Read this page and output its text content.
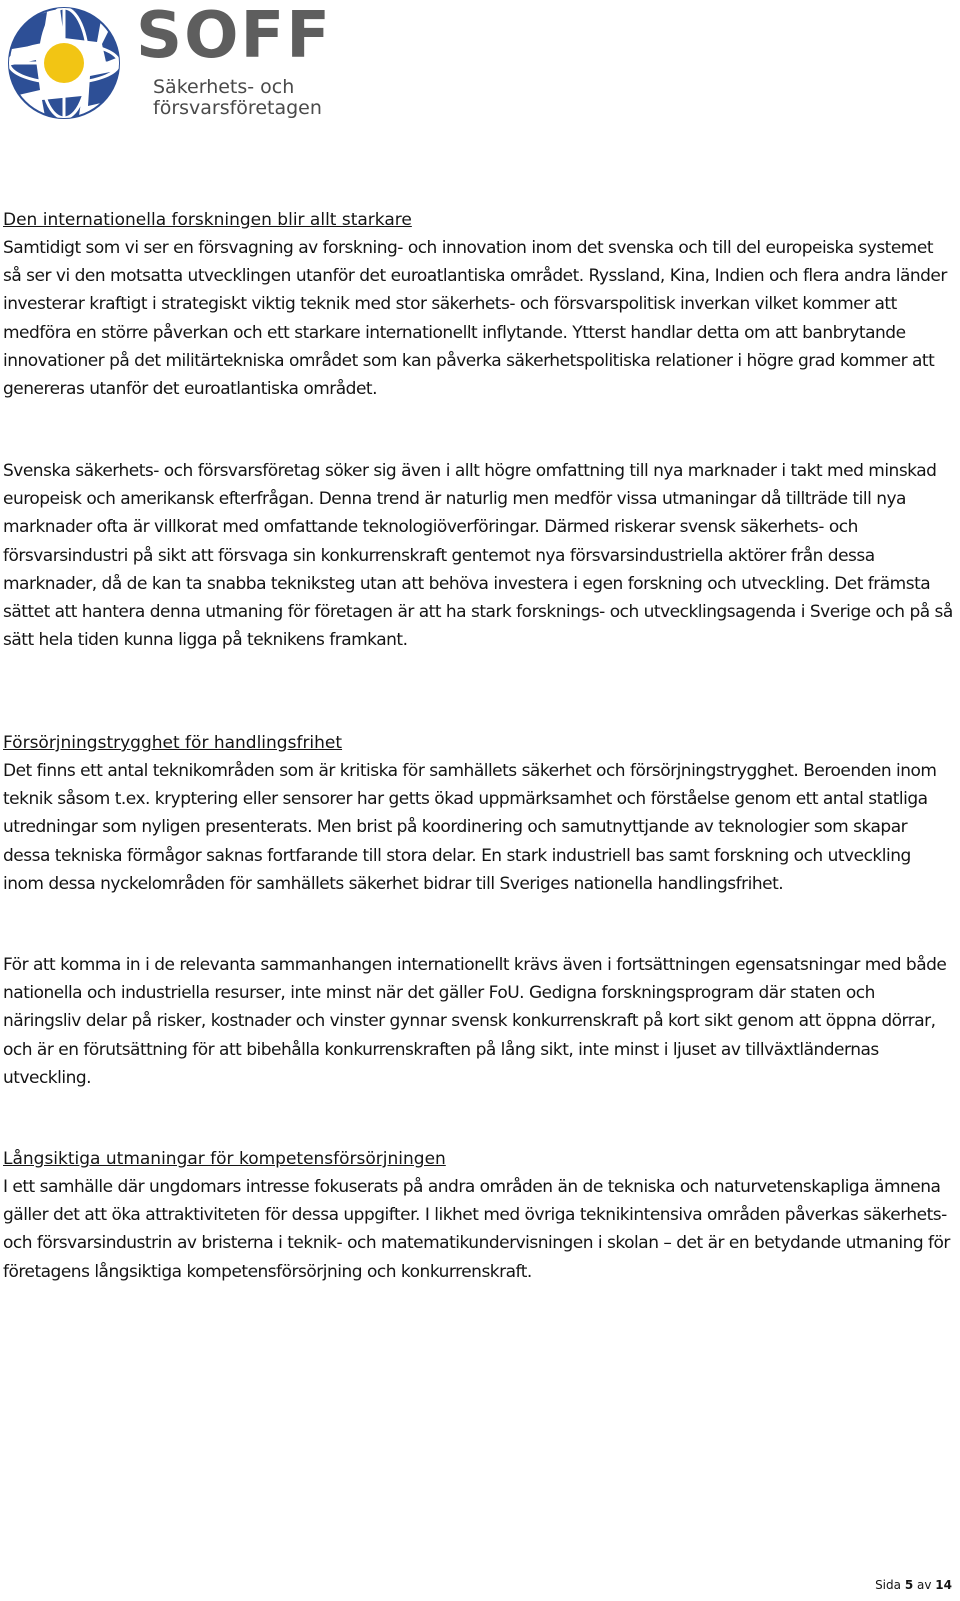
SOFF
Säkerhets- och
försvarsföretagen
Den internationella forskningen blir allt starkare

Samtidigt som vi ser en försvagning av forskning- och innovation inom det svenska och till del europeiska systemet så ser vi den motsatta utvecklingen utanför det euroatlantiska området. Ryssland, Kina, Indien och flera andra länder investerar kraftigt i strategiskt viktig teknik med stor säkerhets- och försvarspolitisk inverkan vilket kommer att medföra en större påverkan och ett starkare internationellt inflytande. Ytterst handlar detta om att banbrytande innovationer på det militärtekniska området som kan påverka säkerhetspolitiska relationer i högre grad kommer att genereras utanför det euroatlantiska området.

Svenska säkerhets- och försvarsföretag söker sig även i allt högre omfattning till nya marknader i takt med minskad europeisk och amerikansk efterfrågan. Denna trend är naturlig men medför vissa utmaningar då tillträde till nya marknader ofta är villkorat med omfattande teknologiöverföringar. Därmed riskerar svensk säkerhets- och försvarsindustri på sikt att försvaga sin konkurrenskraft gentemot nya försvarsindustriella aktörer från dessa marknader, då de kan ta snabba tekniksteg utan att behöva investera i egen forskning och utveckling. Det främsta sättet att hantera denna utmaning för företagen är att ha stark forsknings- och utvecklingsagenda i Sverige och på så sätt hela tiden kunna ligga på teknikens framkant.

Försörjningstrygghet för handlingsfrihet

Det finns ett antal teknikområden som är kritiska för samhällets säkerhet och försörjningstrygghet. Beroenden inom teknik såsom t.ex. kryptering eller sensorer har getts ökad uppmärksamhet och förståelse genom ett antal statliga utredningar som nyligen presenterats. Men brist på koordinering och samutnyttjande av teknologier som skapar dessa tekniska förmågor saknas fortfarande till stora delar. En stark industriell bas samt forskning och utveckling inom dessa nyckelområden för samhällets säkerhet bidrar till Sveriges nationella handlingsfrihet.

För att komma in i de relevanta sammanhangen internationellt krävs även i fortsättningen egensatsningar med både nationella och industriella resurser, inte minst när det gäller FoU. Gedigna forskningsprogram där staten och näringsliv delar på risker, kostnader och vinster gynnar svensk konkurrenskraft på kort sikt genom att öppna dörrar, och är en förutsättning för att bibehålla konkurrenskraften på lång sikt, inte minst i ljuset av tillväxtländernas utveckling.

Långsiktiga utmaningar för kompetensförsörjningen

I ett samhälle där ungdomars intresse fokuserats på andra områden än de tekniska och naturvetenskapliga ämnena gäller det att öka attraktiviteten för dessa uppgifter. I likhet med övriga teknikintensiva områden påverkas säkerhets- och försvarsindustrin av bristerna i teknik- och matematikundervisningen i skolan – det är en betydande utmaning för företagens långsiktiga kompetensförsörjning och konkurrenskraft.

Sida 5 av 14
